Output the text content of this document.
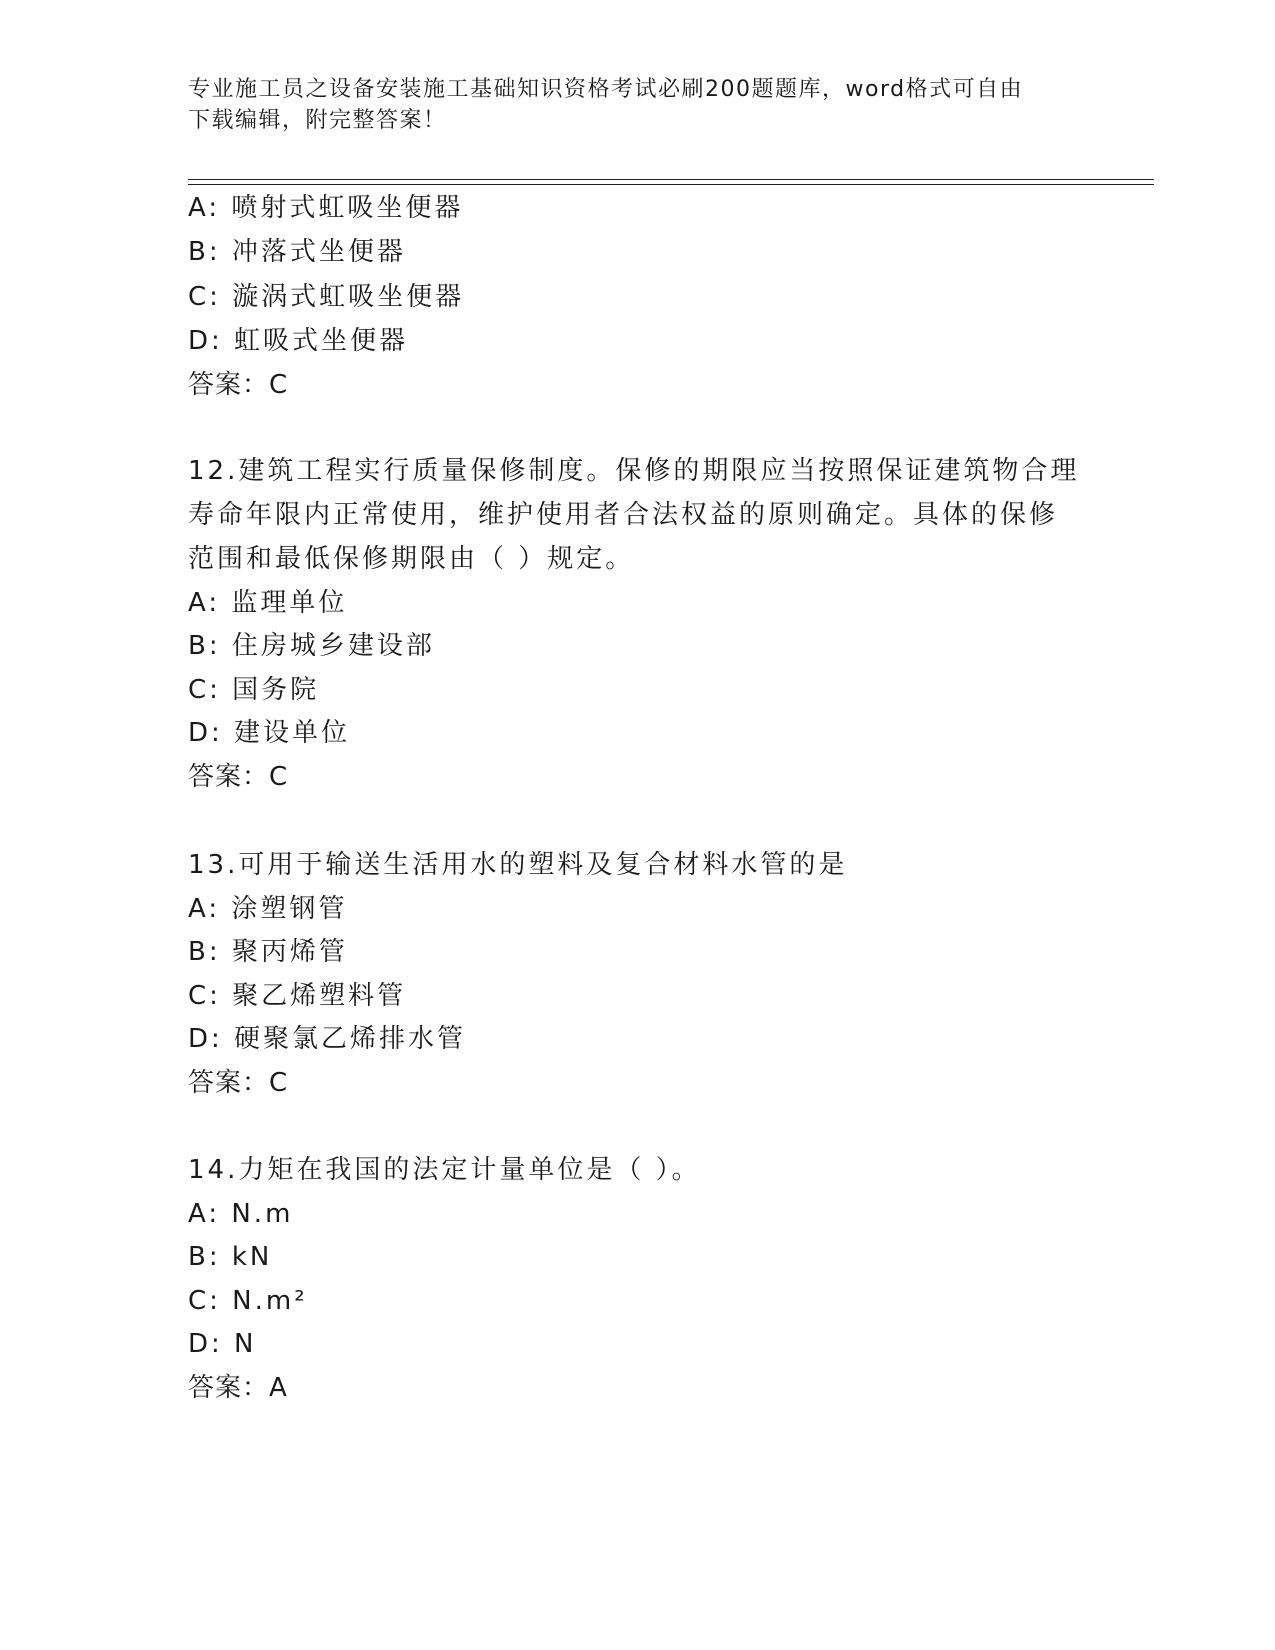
专业施工员之设备安装施工基础知识资格考试必刷200题题库，word格式可自由
下载编辑，附完整答案！
A: 喷射式虹吸坐便器
B: 冲落式坐便器
C: 漩涡式虹吸坐便器
D: 虹吸式坐便器
答案：C
12.建筑工程实行质量保修制度。保修的期限应当按照保证建筑物合理
寿命年限内正常使用，维护使用者合法权益的原则确定。具体的保修
范围和最低保修期限由（ ）规定。
A: 监理单位
B: 住房城乡建设部
C: 国务院
D: 建设单位
答案：C
13.可用于输送生活用水的塑料及复合材料水管的是
A: 涂塑钢管
B: 聚丙烯管
C: 聚乙烯塑料管
D: 硬聚氯乙烯排水管
答案：C
14.力矩在我国的法定计量单位是（ ）。
A: N.m
B: kN
C: N.m²
D: N
答案：A
